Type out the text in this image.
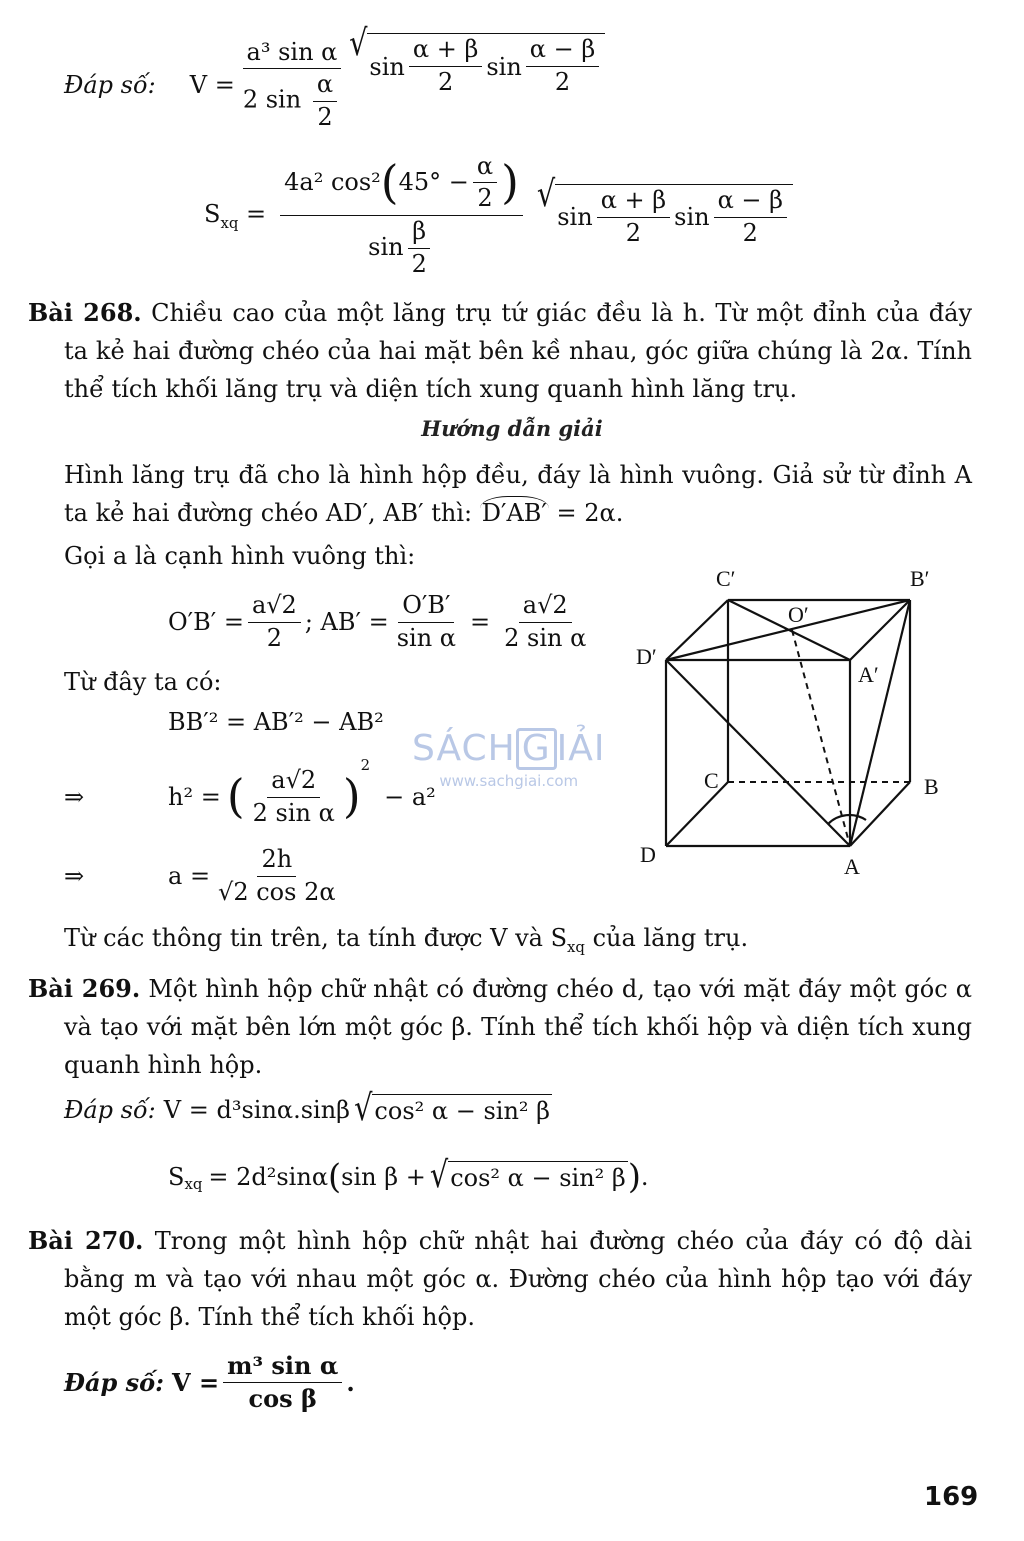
Đáp số: $V = \frac{\text{a³ sin α}}{2 \sin \frac{\alpha}{2}}$ √
$\sin \frac{\alpha + \beta}{2}$ $\sin \frac{\alpha - \beta}{2}$
$S_{xq} = \frac{4a^2 \cos^2 ( 45^\circ - \frac{\alpha}{2} )}{\sin \frac{\beta}{2}}$ √
$\sin \frac{\alpha + \beta}{2}$ $\sin \frac{\alpha - \beta}{2}$
Bài 268. Chiều cao của một lăng trụ tứ giác đều là h. Từ một đỉnh của đáy ta kẻ hai đường chéo của hai mặt bên kề nhau, góc giữa chúng là 2α. Tính thể tích khối lăng trụ và diện tích xung quanh hình lăng trụ.
Hướng dẫn giải
Hình lăng trụ đã cho là hình hộp đều, đáy là hình vuông. Giả sử từ đỉnh A ta kẻ hai đường chéo AD′, AB′ thì: D′AB′ = 2α.
Gọi a là cạnh hình vuông thì:
$O'B' = \frac{a√2}{2}$ ; $AB' = \frac{O'B'}{\text{sin α}} = \frac{a√2}{\text{2 sin α}}$
Từ đây ta có:
BB′² = AB′² − AB²
⇒	h² = ( $\frac{a√2}{\text{2 sin α}}$ )
2
− a²
⇒	$a = \frac{2h}{√2 \cos 2\alpha}$
Từ các thông tin trên, ta tính được V và $S_{xq}$ của lăng trụ.
C′	B′
O′
D′
A′
C	B
D	A
SÁCH G IẢI
www.sachgiai.com
Bài 269. Một hình hộp chữ nhật có đường chéo d, tạo với mặt đáy một góc α và tạo với mặt bên lớn một góc β. Tính thể tích khối hộp và diện tích xung quanh hình hộp.
Đáp số: V = d³sinα.sinβ √ cos² α − sin² β
$S_{xq} = 2d^2\sin\alpha$ ( sin β + √ cos² α − sin² β ) .
Bài 270. Trong một hình hộp chữ nhật hai đường chéo của đáy có độ dài bằng m và tạo với nhau một góc α. Đường chéo của hình hộp tạo với đáy một góc β. Tính thể tích khối hộp.
Đáp số: $V = \frac{\text{m³ sin α}}{\text{cos β}}$ .
169
